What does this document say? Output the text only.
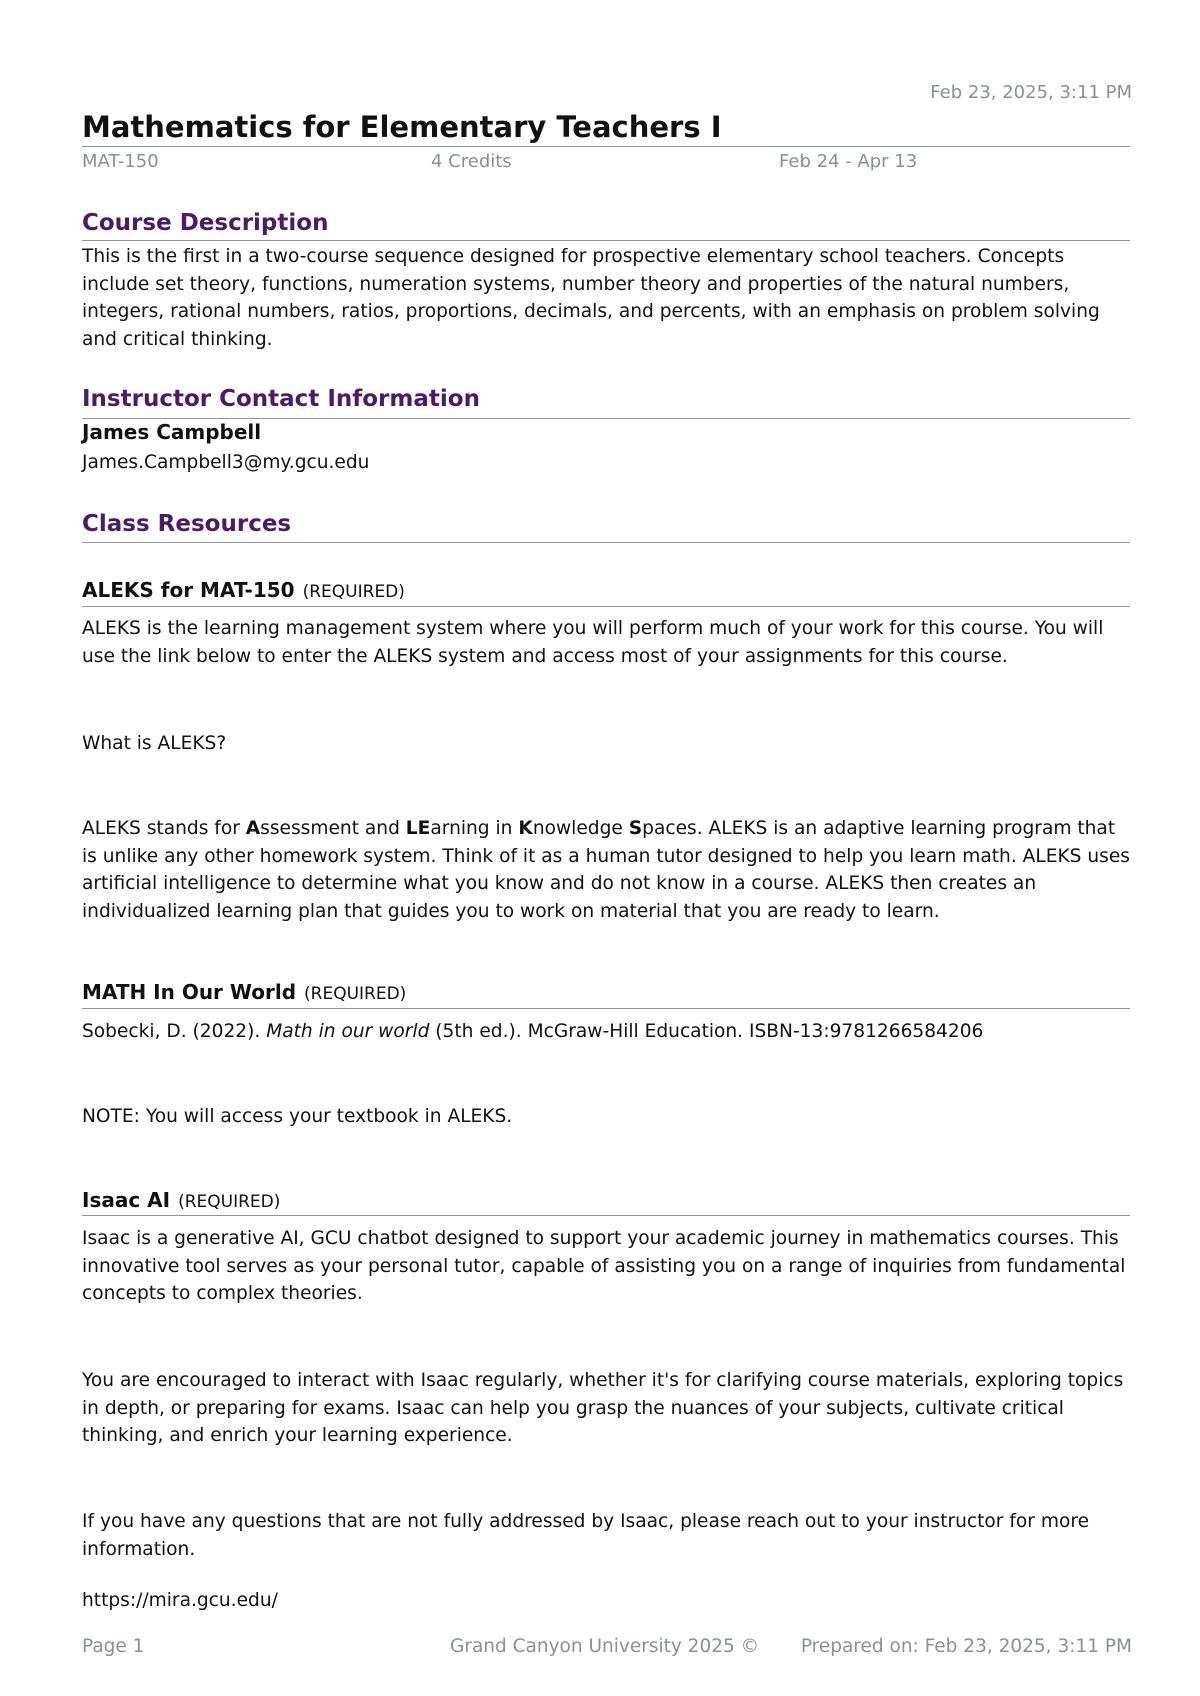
Feb 23, 2025, 3:11 PM
Mathematics for Elementary Teachers I
MAT-150	4 Credits	Feb 24 - Apr 13
Course Description
This is the first in a two-course sequence designed for prospective elementary school teachers. Concepts include set theory, functions, numeration systems, number theory and properties of the natural numbers, integers, rational numbers, ratios, proportions, decimals, and percents, with an emphasis on problem solving and critical thinking.
Instructor Contact Information
James Campbell
James.Campbell3@my.gcu.edu
Class Resources
ALEKS for MAT-150 (REQUIRED)
ALEKS is the learning management system where you will perform much of your work for this course. You will use the link below to enter the ALEKS system and access most of your assignments for this course.
What is ALEKS?
ALEKS stands for Assessment and LEarning in Knowledge Spaces. ALEKS is an adaptive learning program that is unlike any other homework system. Think of it as a human tutor designed to help you learn math. ALEKS uses artificial intelligence to determine what you know and do not know in a course. ALEKS then creates an individualized learning plan that guides you to work on material that you are ready to learn.
MATH In Our World (REQUIRED)
Sobecki, D. (2022). Math in our world (5th ed.). McGraw-Hill Education. ISBN-13:9781266584206
NOTE: You will access your textbook in ALEKS.
Isaac AI (REQUIRED)
Isaac is a generative AI, GCU chatbot designed to support your academic journey in mathematics courses. This innovative tool serves as your personal tutor, capable of assisting you on a range of inquiries from fundamental concepts to complex theories.
You are encouraged to interact with Isaac regularly, whether it's for clarifying course materials, exploring topics in depth, or preparing for exams. Isaac can help you grasp the nuances of your subjects, cultivate critical thinking, and enrich your learning experience.
If you have any questions that are not fully addressed by Isaac, please reach out to your instructor for more information.
https://mira.gcu.edu/
Page 1	Grand Canyon University 2025 © Prepared on: Feb 23, 2025, 3:11 PM
